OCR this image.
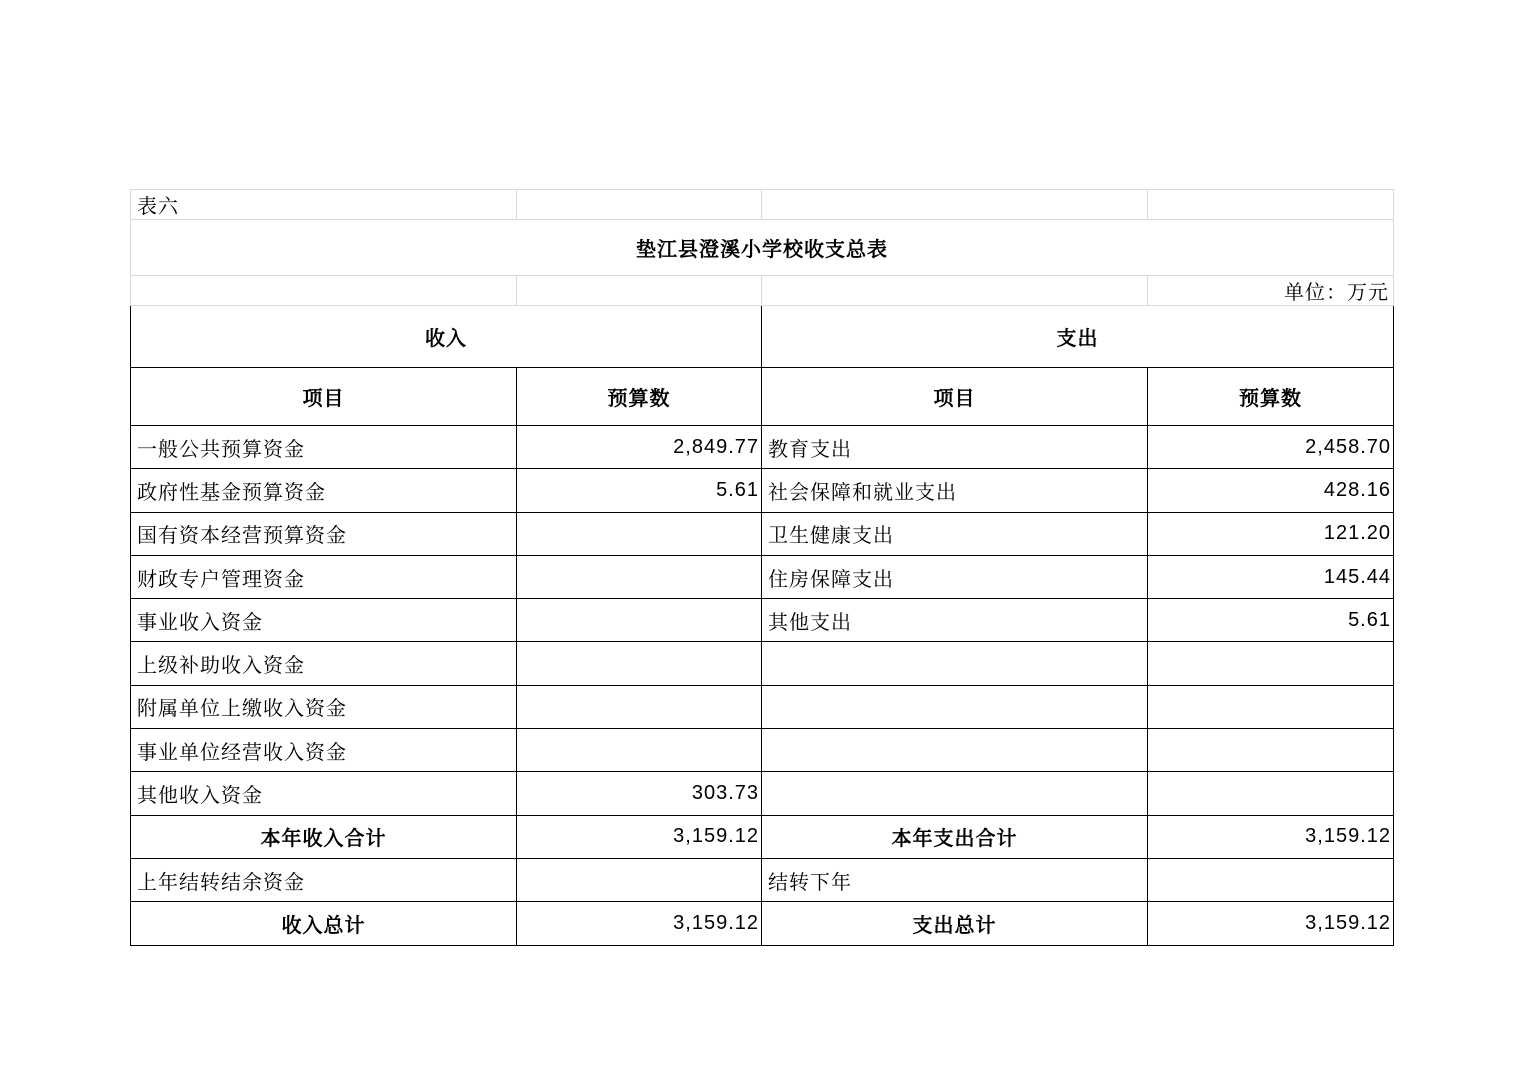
表六			
垫江县澄溪小学校收支总表			
			单位：万元
收入		支出	
项目	预算数	项目	预算数
一般公共预算资金	2,849.77	教育支出	2,458.70
政府性基金预算资金	5.61	社会保障和就业支出	428.16
国有资本经营预算资金		卫生健康支出	121.20
财政专户管理资金		住房保障支出	145.44
事业收入资金		其他支出	5.61
上级补助收入资金			
附属单位上缴收入资金			
事业单位经营收入资金			
其他收入资金	303.73		
本年收入合计	3,159.12	本年支出合计	3,159.12
上年结转结余资金		结转下年	
收入总计	3,159.12	支出总计	3,159.12
